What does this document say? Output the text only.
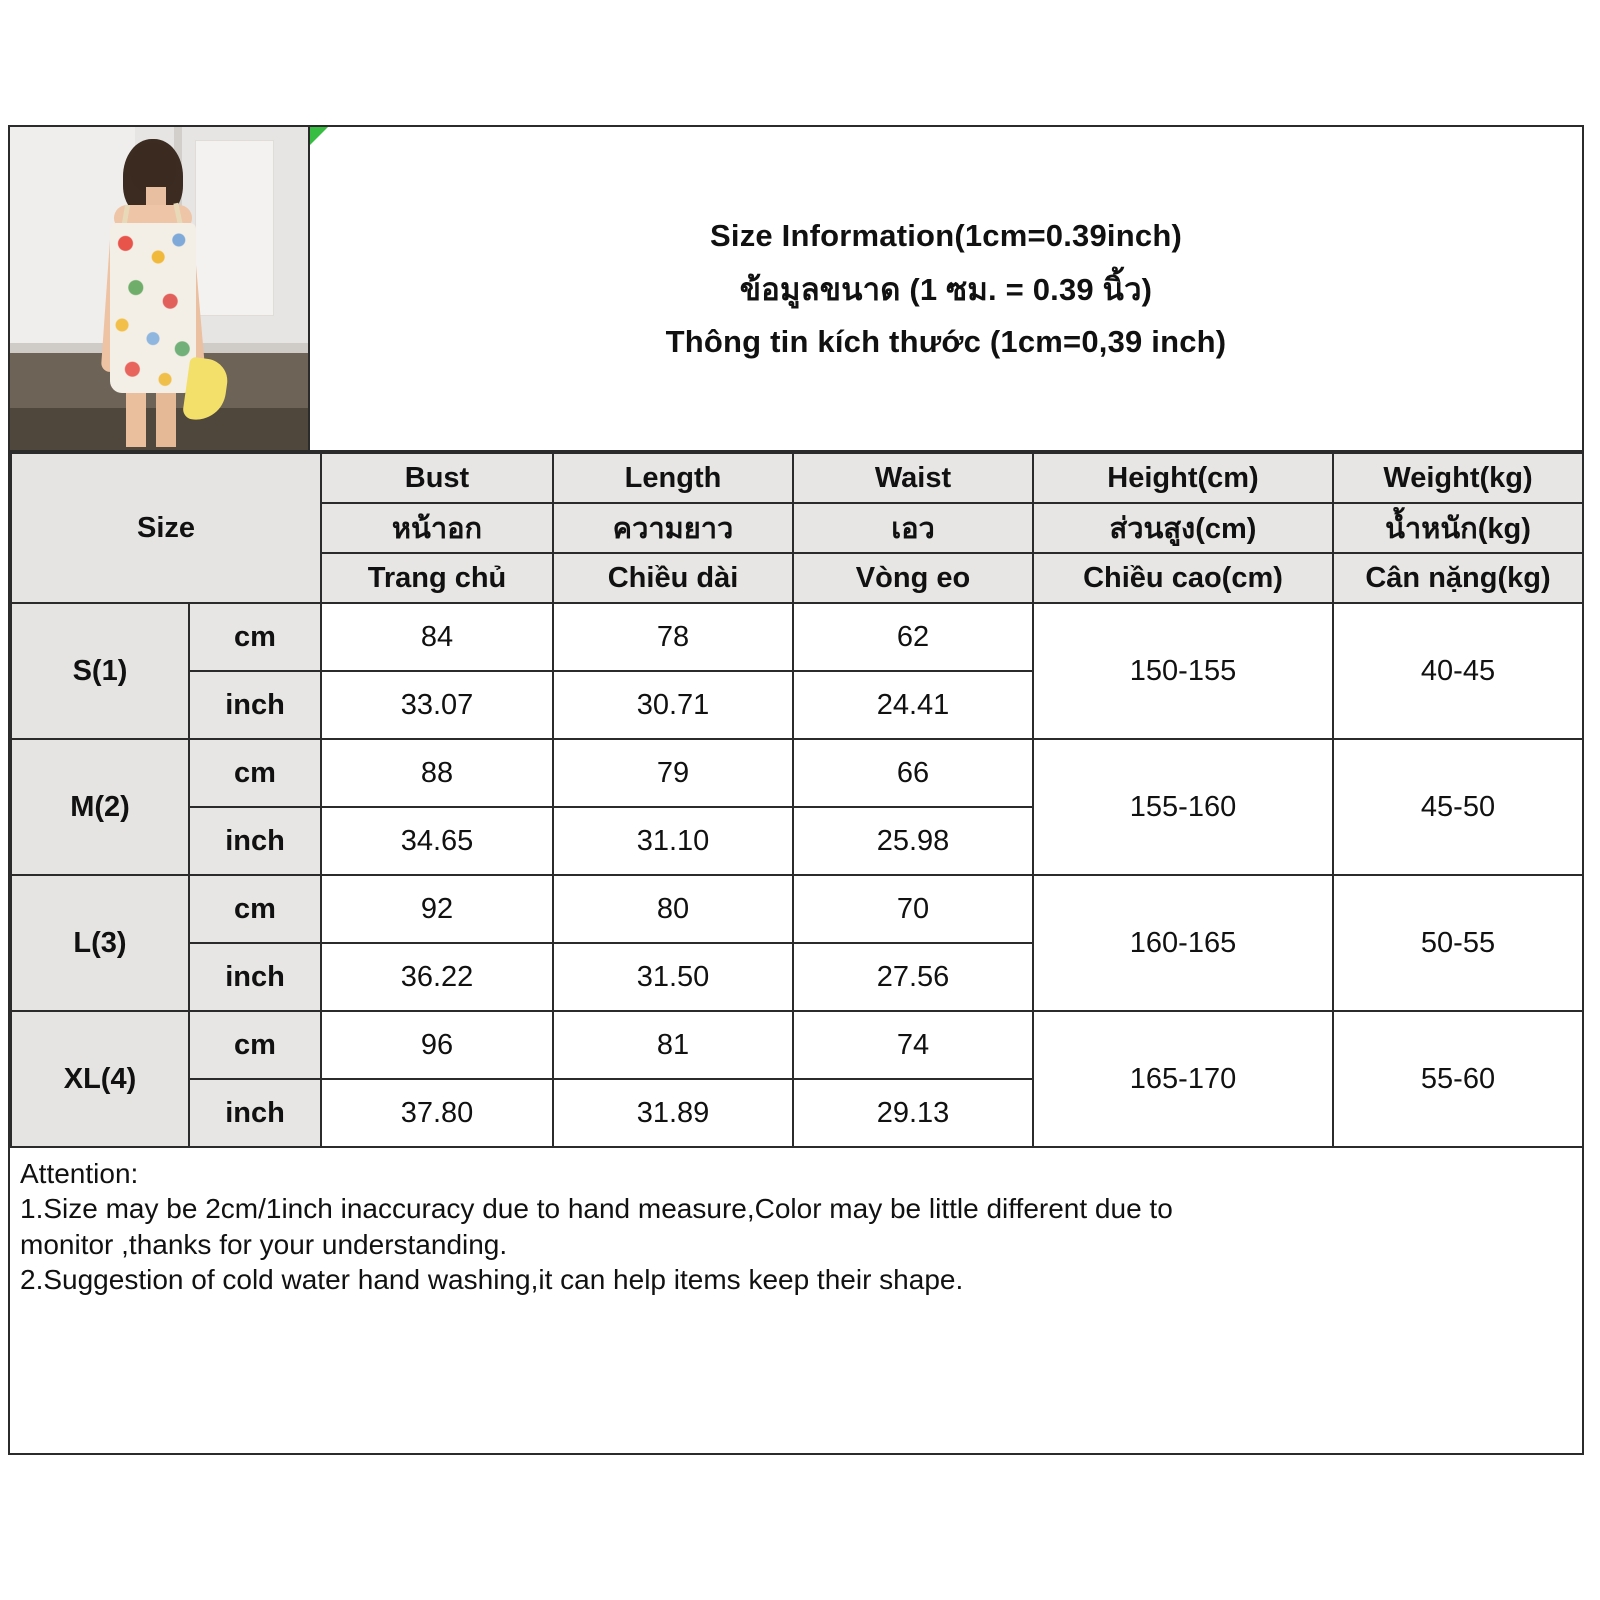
Size Information(1cm=0.39inch)
ข้อมูลขนาด (1 ซม. = 0.39 นิ้ว)
Thông tin kích thước (1cm=0,39 inch)
Size		Bust	Length	Waist	Height(cm)	Weight(kg)
		หน้าอก	ความยาว	เอว	ส่วนสูง(cm)	น้ำหนัก(kg)
		Trang chủ	Chiều dài	Vòng eo	Chiều cao(cm)	Cân nặng(kg)
S(1)	cm	84	78	62	150-155	40-45
	inch	33.07	30.71	24.41		
M(2)	cm	88	79	66	155-160	45-50
	inch	34.65	31.10	25.98		
L(3)	cm	92	80	70	160-165	50-55
	inch	36.22	31.50	27.56		
XL(4)	cm	96	81	74	165-170	55-60
	inch	37.80	31.89	29.13		
Attention:
1.Size may be 2cm/1inch inaccuracy due to hand measure,Color may be little different due to
monitor ,thanks for your understanding.
2.Suggestion of cold water hand washing,it can help items keep their shape.
